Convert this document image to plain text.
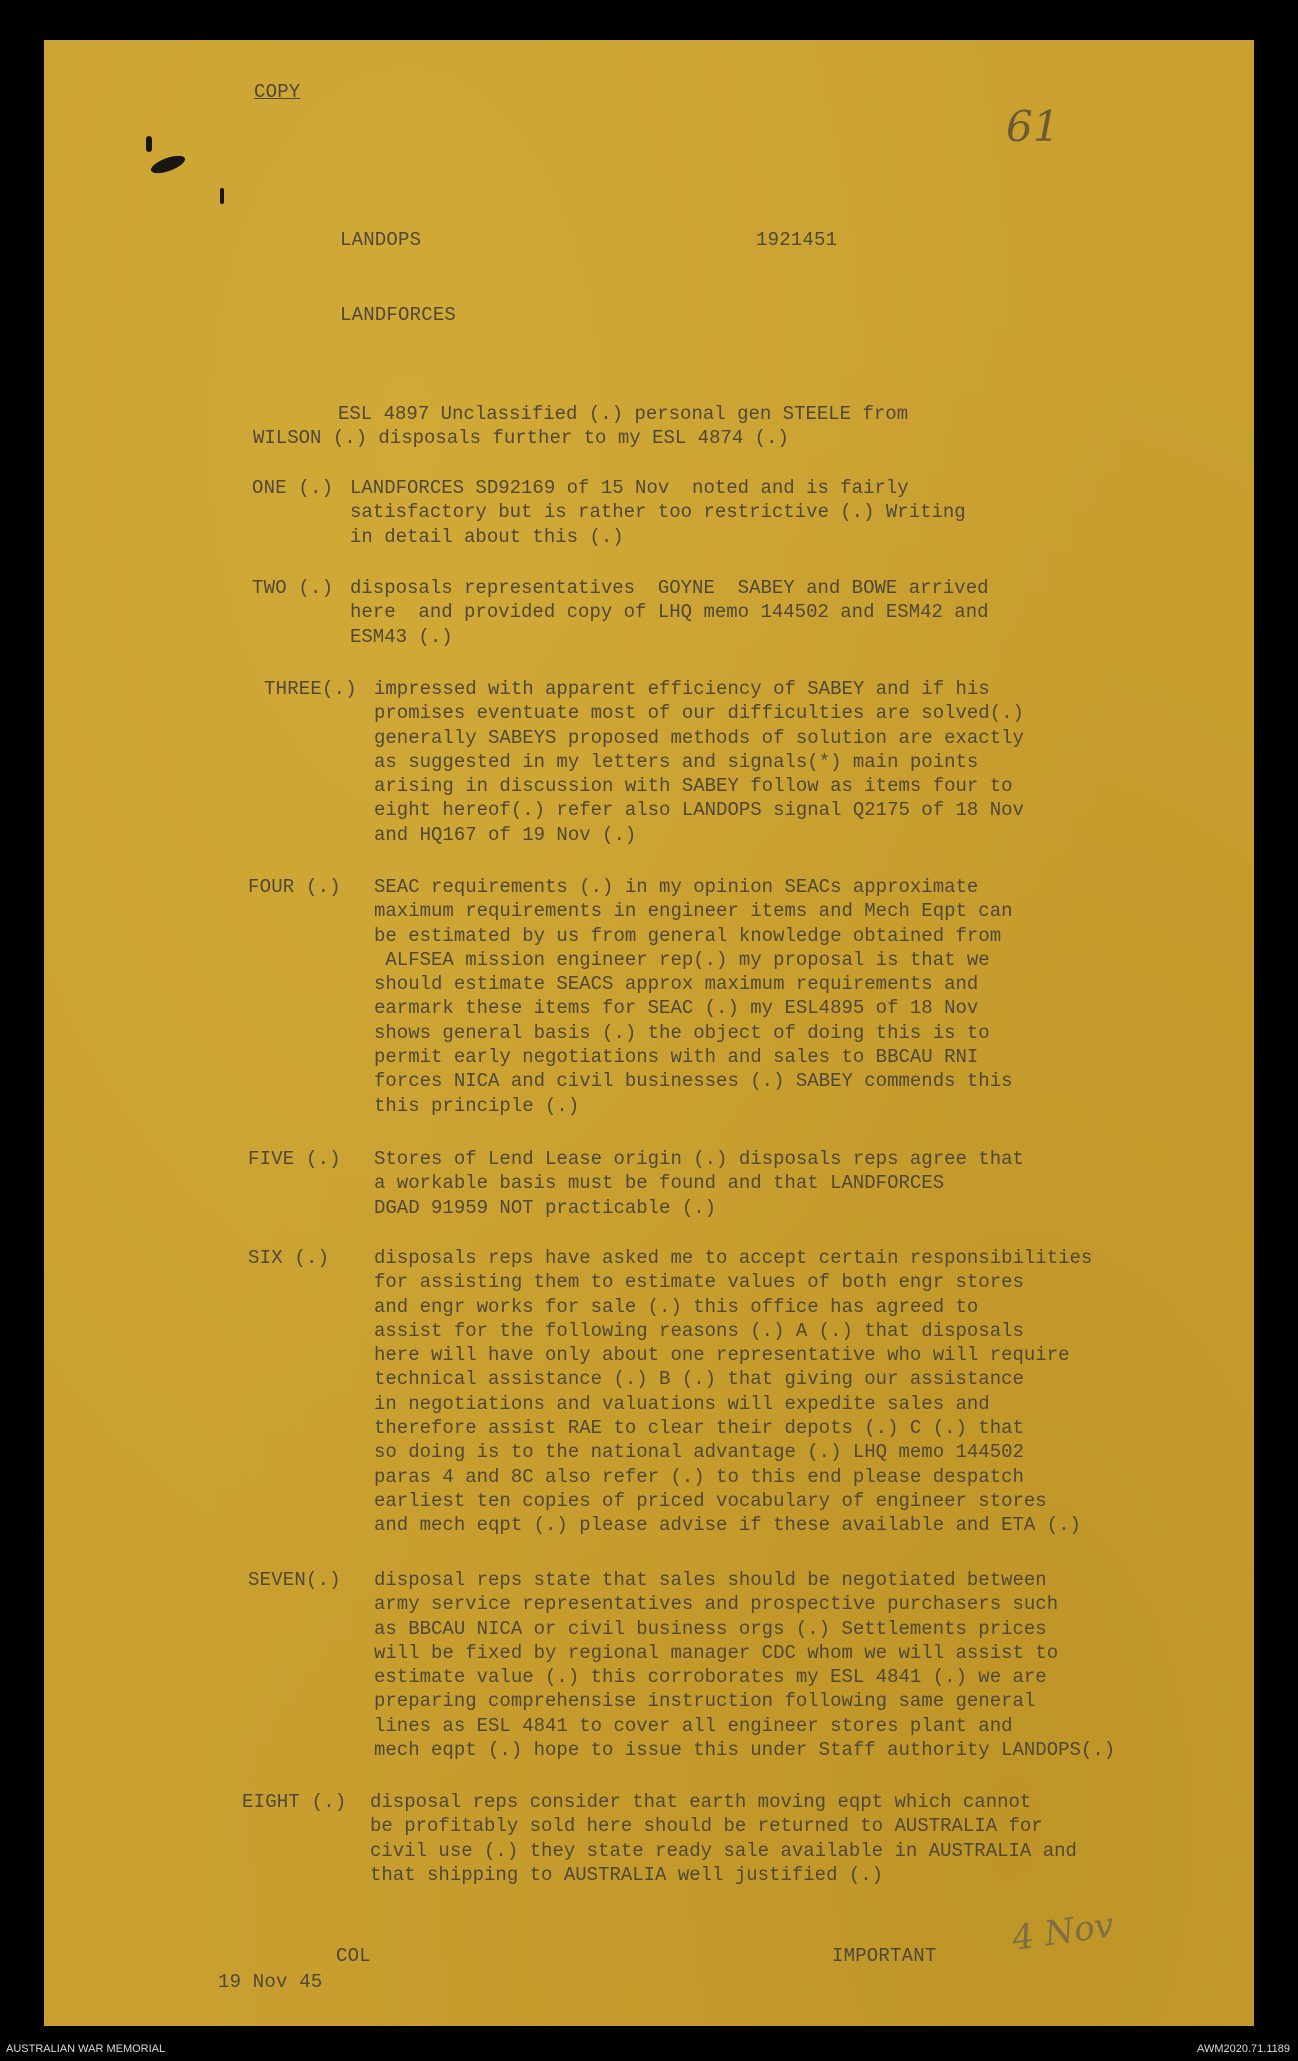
COPY
61
LANDOPS	1921451
LANDFORCES
ESL 4897 Unclassified (.) personal gen STEELE from
WILSON (.) disposals further to my ESL 4874 (.)
ONE (.) LANDFORCES SD92169 of 15 Nov  noted and is fairly
satisfactory but is rather too restrictive (.) Writing
in detail about this (.)
TWO (.) disposals representatives  GOYNE  SABEY and BOWE arrived
here  and provided copy of LHQ memo 144502 and ESM42 and
ESM43 (.)
THREE(.) impressed with apparent efficiency of SABEY and if his
promises eventuate most of our difficulties are solved(.)
generally SABEYS proposed methods of solution are exactly
as suggested in my letters and signals(*) main points
arising in discussion with SABEY follow as items four to
eight hereof(.) refer also LANDOPS signal Q2175 of 18 Nov
and HQ167 of 19 Nov (.)
FOUR (.) SEAC requirements (.) in my opinion SEACs approximate
maximum requirements in engineer items and Mech Eqpt can
be estimated by us from general knowledge obtained from
ALFSEA mission engineer rep(.) my proposal is that we
should estimate SEACS approx maximum requirements and
earmark these items for SEAC (.) my ESL4895 of 18 Nov
shows general basis (.) the object of doing this is to
permit early negotiations with and sales to BBCAU RNI
forces NICA and civil businesses (.) SABEY commends this
this principle (.)
FIVE (.) Stores of Lend Lease origin (.) disposals reps agree that
a workable basis must be found and that LANDFORCES
DGAD 91959 NOT practicable (.)
SIX (.) disposals reps have asked me to accept certain responsibilities
for assisting them to estimate values of both engr stores
and engr works for sale (.) this office has agreed to
assist for the following reasons (.) A (.) that disposals
here will have only about one representative who will require
technical assistance (.) B (.) that giving our assistance
in negotiations and valuations will expedite sales and
therefore assist RAE to clear their depots (.) C (.) that
so doing is to the national advantage (.) LHQ memo 144502
paras 4 and 8C also refer (.) to this end please despatch
earliest ten copies of priced vocabulary of engineer stores
and mech eqpt (.) please advise if these available and ETA (.)
SEVEN(.) disposal reps state that sales should be negotiated between
army service representatives and prospective purchasers such
as BBCAU NICA or civil business orgs (.) Settlements prices
will be fixed by regional manager CDC whom we will assist to
estimate value (.) this corroborates my ESL 4841 (.) we are
preparing comprehensise instruction following same general
lines as ESL 4841 to cover all engineer stores plant and
mech eqpt (.) hope to issue this under Staff authority LANDOPS(.)
EIGHT (.) disposal reps consider that earth moving eqpt which cannot
be profitably sold here should be returned to AUSTRALIA for
civil use (.) they state ready sale available in AUSTRALIA and
that shipping to AUSTRALIA well justified (.)
COL	IMPORTANT
19 Nov 45
4 Nov
AUSTRALIAN WAR MEMORIAL	AWM2020.71.1189
